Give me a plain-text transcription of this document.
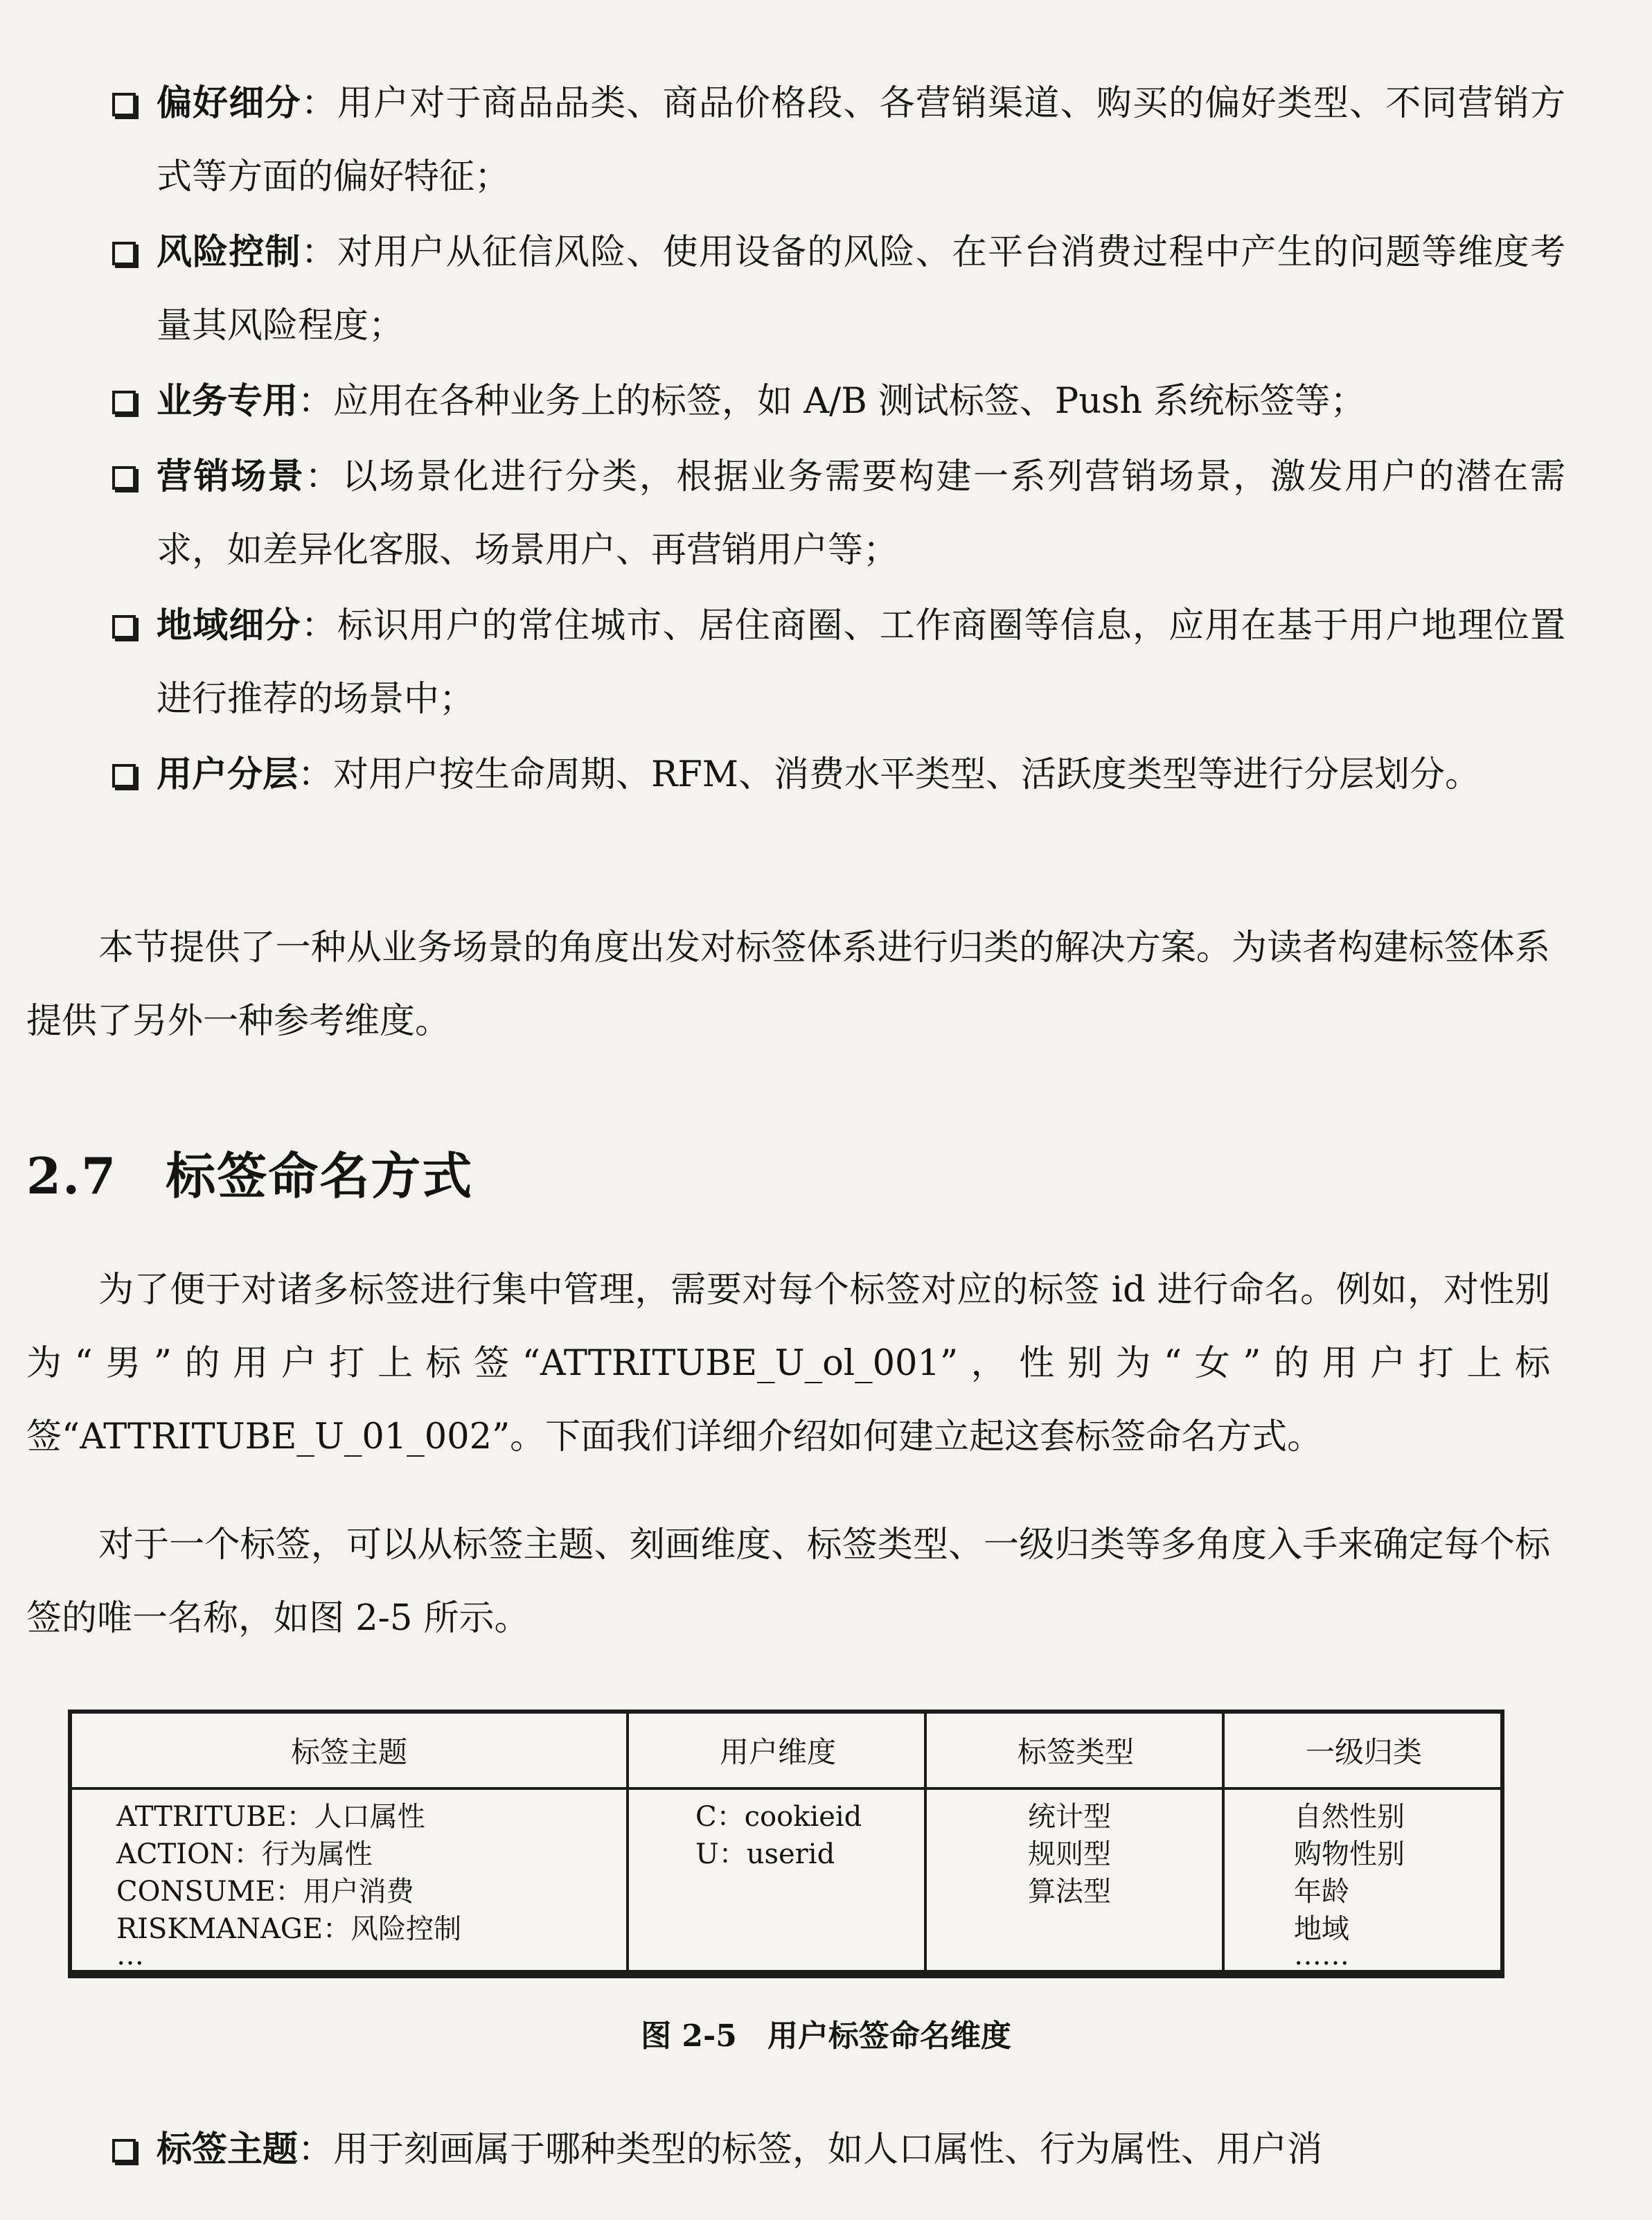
偏好细分：用户对于商品品类、商品价格段、各营销渠道、购买的偏好类型、不同营销方式等方面的偏好特征；
风险控制：对用户从征信风险、使用设备的风险、在平台消费过程中产生的问题等维度考量其风险程度；
业务专用：应用在各种业务上的标签，如 A/B 测试标签、Push 系统标签等；
营销场景：以场景化进行分类，根据业务需要构建一系列营销场景，激发用户的潜在需求，如差异化客服、场景用户、再营销用户等；
地域细分：标识用户的常住城市、居住商圈、工作商圈等信息，应用在基于用户地理位置进行推荐的场景中；
用户分层：对用户按生命周期、RFM、消费水平类型、活跃度类型等进行分层划分。
本节提供了一种从业务场景的角度出发对标签体系进行归类的解决方案。为读者构建标签体系提供了另外一种参考维度。
2.7 标签命名方式
为了便于对诸多标签进行集中管理，需要对每个标签对应的标签 id 进行命名。例如，对性别为“男”的用户打上标签“ATTRITUBE_U_ol_001”，性别为“女”的用户打上标签“ATTRITUBE_U_01_002”。下面我们详细介绍如何建立起这套标签命名方式。
对于一个标签，可以从标签主题、刻画维度、标签类型、一级归类等多角度入手来确定每个标签的唯一名称，如图 2-5 所示。
标签主题
ATTRITUBE：人口属性
ACTION：行为属性
CONSUME：用户消费
RISKMANAGE：风险控制
…
用户维度
C：cookieid
U：userid
标签类型
统计型
规则型
算法型
一级归类
自然性别
购物性别
年龄
地域
……
图 2-5　用户标签命名维度
标签主题：用于刻画属于哪种类型的标签，如人口属性、行为属性、用户消
